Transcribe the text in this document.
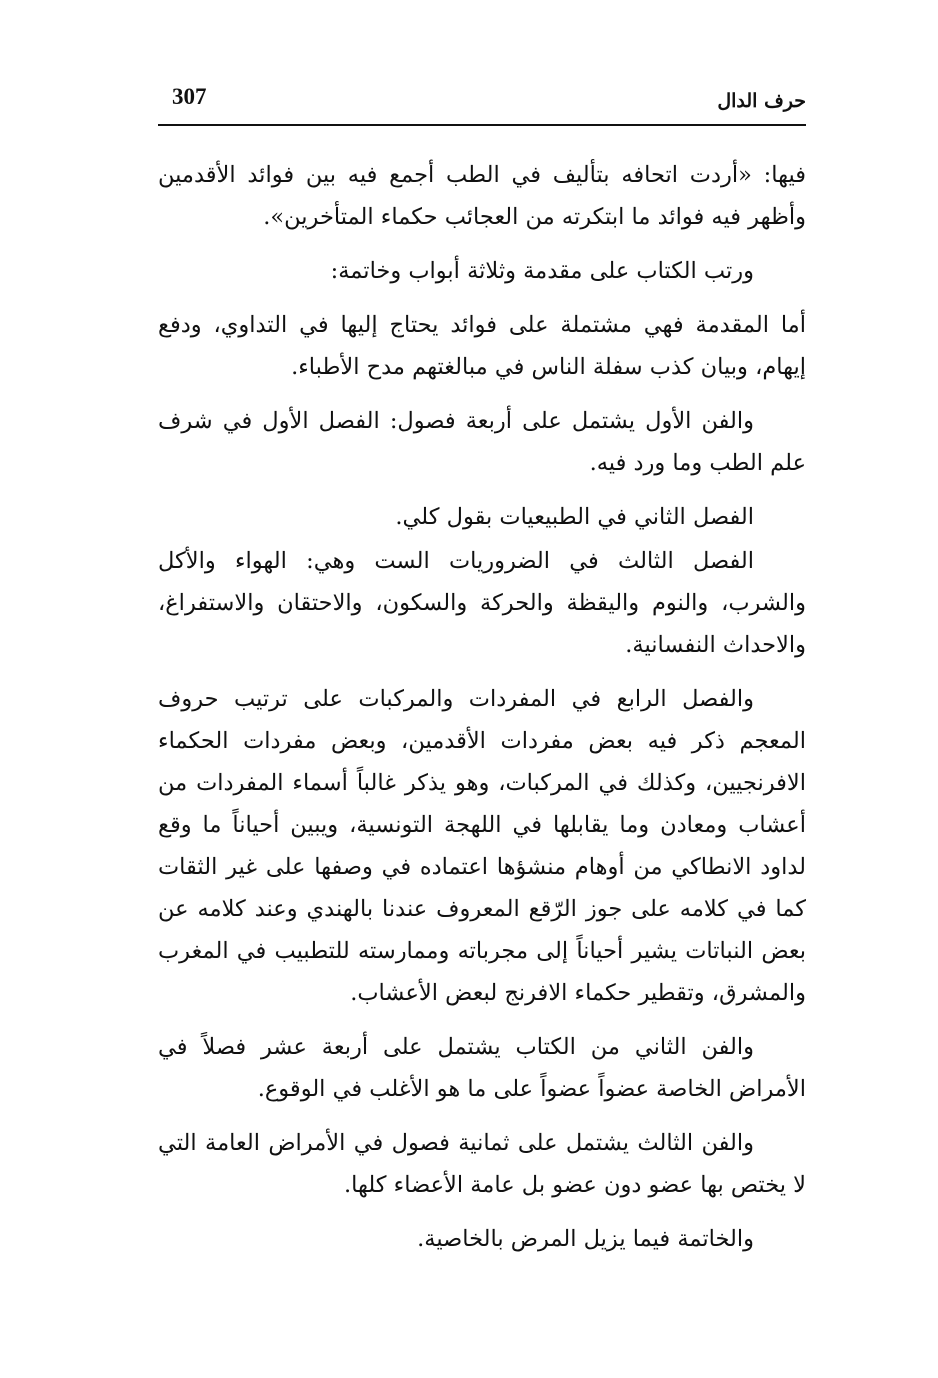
307	حرف الدال

فيها: «أردت اتحافه بتأليف في الطب أجمع فيه بين فوائد الأقدمين وأظهر فيه فوائد ما ابتكرته من العجائب حكماء المتأخرين».

ورتب الكتاب على مقدمة وثلاثة أبواب وخاتمة:

أما المقدمة فهي مشتملة على فوائد يحتاج إليها في التداوي، ودفع إيهام، وبيان كذب سفلة الناس في مبالغتهم مدح الأطباء.

والفن الأول يشتمل على أربعة فصول: الفصل الأول في شرف علم الطب وما ورد فيه.

الفصل الثاني في الطبيعيات بقول كلي.

الفصل الثالث في الضروريات الست وهي: الهواء والأكل والشرب، والنوم واليقظة والحركة والسكون، والاحتقان والاستفراغ، والاحداث النفسانية.

والفصل الرابع في المفردات والمركبات على ترتيب حروف المعجم ذكر فيه بعض مفردات الأقدمين، وبعض مفردات الحكماء الافرنجيين، وكذلك في المركبات، وهو يذكر غالباً أسماء المفردات من أعشاب ومعادن وما يقابلها في اللهجة التونسية، ويبين أحياناً ما وقع لداود الانطاكي من أوهام منشؤها اعتماده في وصفها على غير الثقات كما في كلامه على جوز الرّقع المعروف عندنا بالهندي وعند كلامه عن بعض النباتات يشير أحياناً إلى مجرباته وممارسته للتطبيب في المغرب والمشرق، وتقطير حكماء الافرنج لبعض الأعشاب.

والفن الثاني من الكتاب يشتمل على أربعة عشر فصلاً في الأمراض الخاصة عضواً عضواً على ما هو الأغلب في الوقوع.

والفن الثالث يشتمل على ثمانية فصول في الأمراض العامة التي لا يختص بها عضو دون عضو بل عامة الأعضاء كلها.

والخاتمة فيما يزيل المرض بالخاصية.
